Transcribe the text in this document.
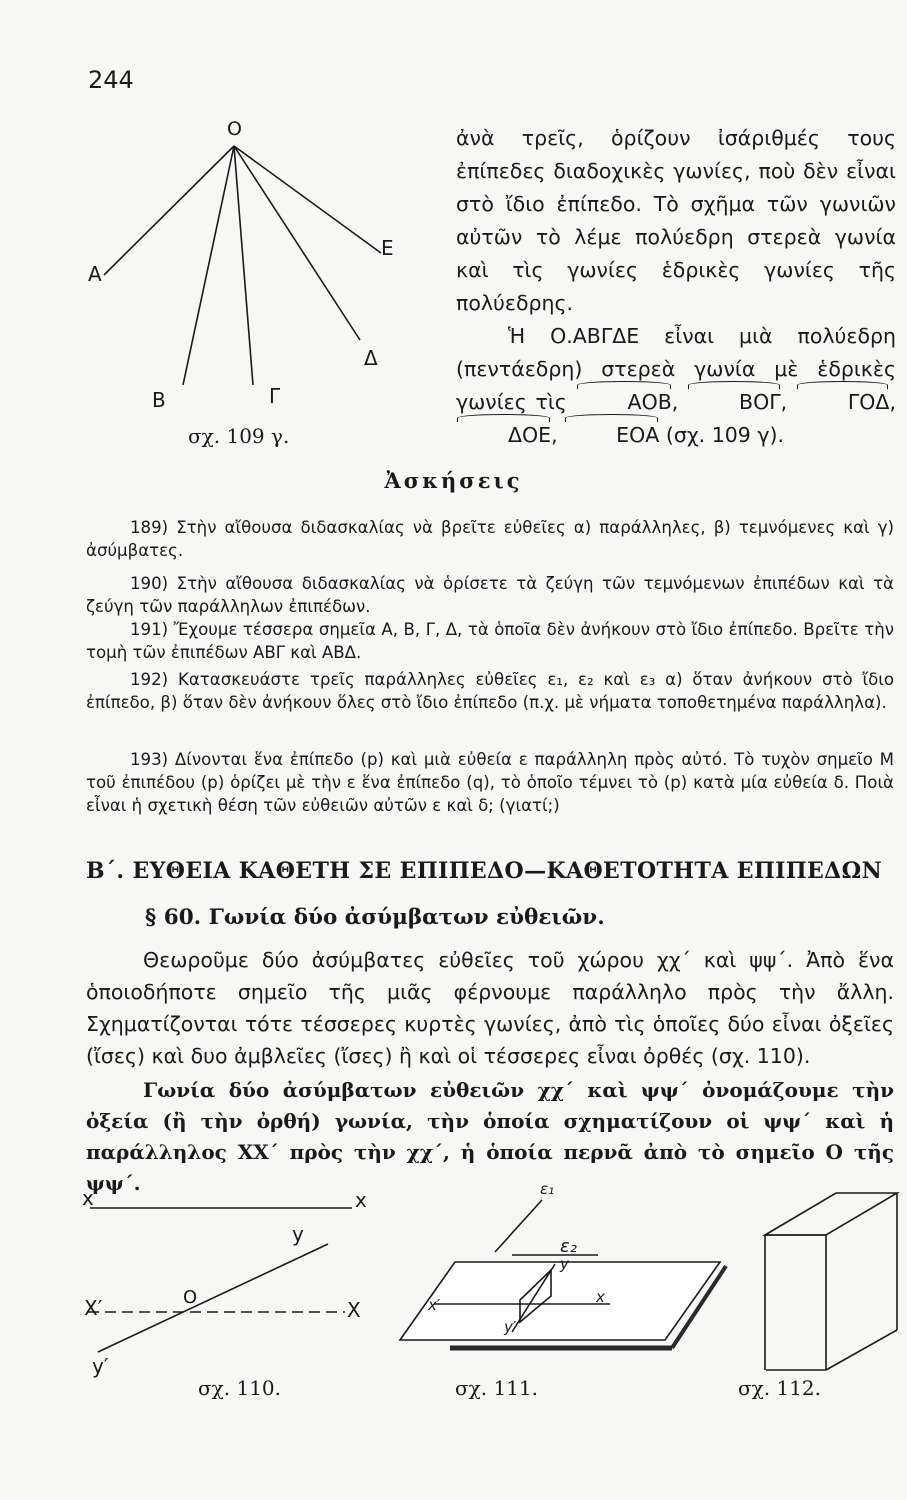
244
O
A
B	Γ
Δ
E
σχ. 109 γ.

ἀνὰ τρεῖς, ὁρίζουν ἰσάριθμές τους ἐπίπεδες διαδοχικὲς γωνίες, ποὺ δὲν εἶναι στὸ ἴδιο ἐπίπεδο. Τὸ σχῆμα τῶν γωνιῶν αὐτῶν τὸ λέμε πολύεδρη στερεὰ γωνία καὶ τὶς γωνίες ἑδρικὲς γωνίες τῆς πολύεδρης.

Ἡ Ο.ΑΒΓΔΕ εἶναι μιὰ πολύεδρη (πεντάεδρη) στερεὰ γωνία μὲ ἑδρικὲς γωνίες τὶς	ΑΟΒ,	ΒΟΓ,	ΓΟΔ, ΔΟΕ,	ΕΟΑ (σχ. 109 γ).

Ἀσκήσεις
189) Στὴν αἴθουσα διδασκαλίας νὰ βρεῖτε εὐθεῖες α) παράλληλες, β) τεμνόμενες καὶ γ) ἀσύμβατες.
190) Στὴν αἴθουσα διδασκαλίας νὰ ὁρίσετε τὰ ζεύγη τῶν τεμνόμενων ἐπιπέδων καὶ τὰ ζεύγη τῶν παράλληλων ἐπιπέδων.
191) Ἔχουμε τέσσερα σημεῖα Α, Β, Γ, Δ, τὰ ὁποῖα δὲν ἀνήκουν στὸ ἴδιο ἐπίπεδο. Βρεῖτε τὴν τομὴ τῶν ἐπιπέδων ΑΒΓ καὶ ΑΒΔ.
192) Κατασκευάστε τρεῖς παράλληλες εὐθεῖες ε₁, ε₂ καὶ ε₃ α) ὅταν ἀνήκουν στὸ ἴδιο ἐπίπεδο, β) ὅταν δὲν ἀνήκουν ὅλες στὸ ἴδιο ἐπίπεδο (π.χ. μὲ νήματα τοποθετημένα παράλληλα).
193) Δίνονται ἕνα ἐπίπεδο (p) καὶ μιὰ εὐθεία ε παράλληλη πρὸς αὐτό. Τὸ τυχὸν σημεῖο Μ τοῦ ἐπιπέδου (p) ὁρίζει μὲ τὴν ε ἕνα ἐπίπεδο (q), τὸ ὁποῖο τέμνει τὸ (p) κατὰ μία εὐθεία δ. Ποιὰ εἶναι ἡ σχετικὴ θέση τῶν εὐθειῶν αὐτῶν ε καὶ δ; (γιατί;)
Β΄. ΕΥΘΕΙΑ ΚΑΘΕΤΗ ΣΕ ΕΠΙΠΕΔΟ—ΚΑΘΕΤΟΤΗΤΑ ΕΠΙΠΕΔΩΝ
§ 60. Γωνία δύο ἀσύμβατων εὐθειῶν.
Θεωροῦμε δύο ἀσύμβατες εὐθεῖες τοῦ χώρου χχ΄ καὶ ψψ΄. Ἀπὸ ἕνα ὁποιοδήποτε σημεῖο τῆς μιᾶς φέρνουμε παράλληλο πρὸς τὴν ἄλλη. Σχηματίζονται τότε τέσσερες κυρτὲς γωνίες, ἀπὸ τὶς ὁποῖες δύο εἶναι ὀξεῖες (ἴσες) καὶ δυο ἀμβλεῖες (ἴσες) ἢ καὶ οἱ τέσσερες εἶναι ὀρθές (σχ. 110).
Γωνία δύο ἀσύμβατων εὐθειῶν χχ΄ καὶ ψψ΄ ὀνομάζουμε τὴν ὀξεία (ἢ τὴν ὀρθή) γωνία, τὴν ὁποία σχηματίζουν οἱ ψψ΄ καὶ ἡ παράλληλος ΧΧ΄ πρὸς τὴν χχ΄, ἡ ὁποία περνᾶ ἀπὸ τὸ σημεῖο Ο τῆς ψψ΄.
x′	x
y
X′	O
X
y′
σχ. 110.
ε₁
ε₂
y
x′	x
y′
σχ. 111.	σχ. 112.
